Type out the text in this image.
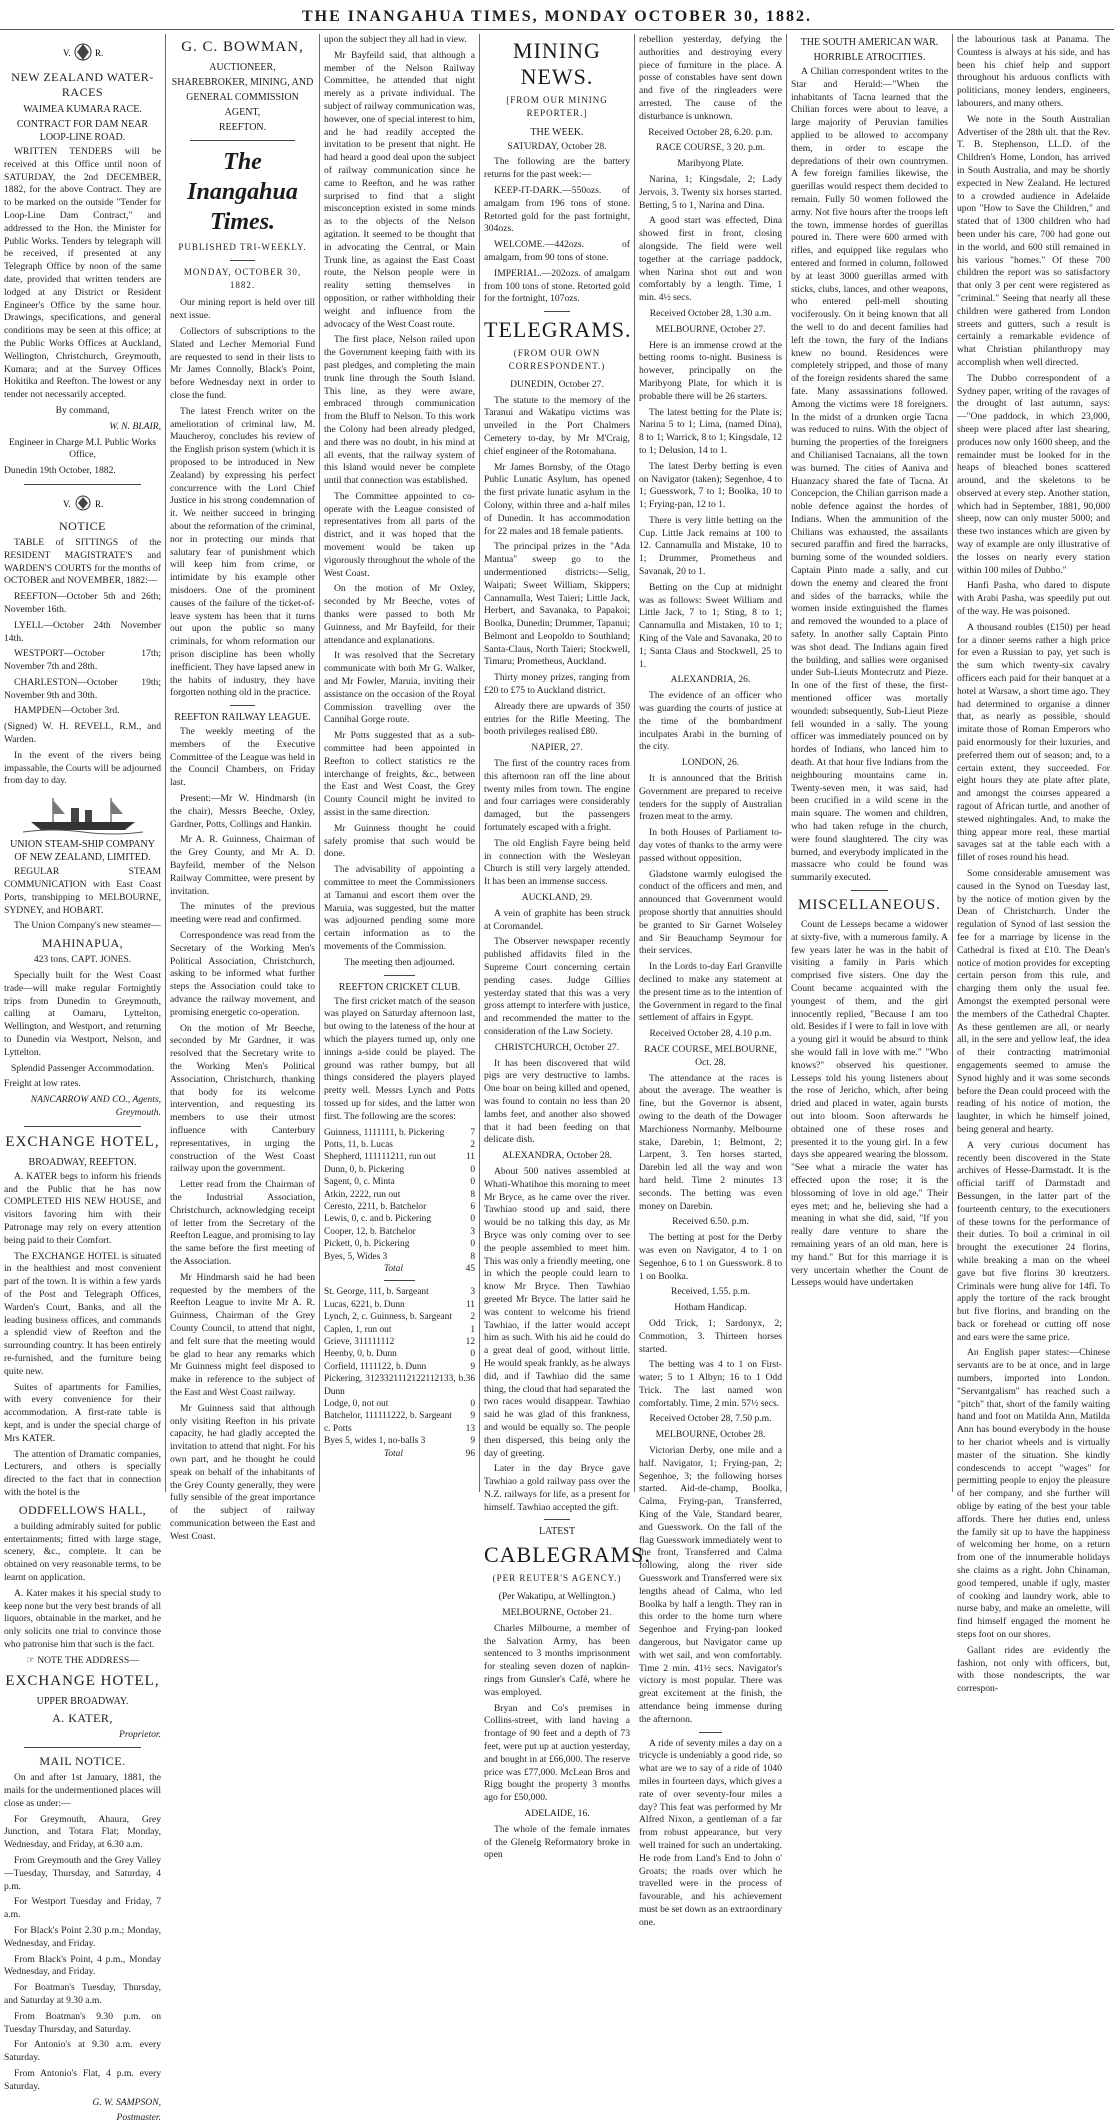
THE INANGAHUA TIMES, MONDAY OCTOBER 30, 1882.
V.	R.
NEW ZEALAND WATER-RACES
WAIMEA KUMARA RACE.
CONTRACT FOR DAM NEAR LOOP-LINE ROAD.

WRITTEN TENDERS will be received at this Office until noon of SATURDAY, the 2nd DECEMBER, 1882, for the above Contract. They are to be marked on the outside "Tender for Loop-Line Dam Contract," and addressed to the Hon. the Minister for Public Works. Tenders by telegraph will be received, if presented at any Telegraph Office by noon of the same date, provided that written tenders are lodged at any District or Resident Engineer's Office by the same hour. Drawings, specifications, and general conditions may be seen at this office; at the Public Works Offices at Auckland, Wellington, Christchurch, Greymouth, Kumara; and at the Survey Offices Hokitika and Reefton. The lowest or any tender not necessarily accepted.

By command,

W. N. BLAIR,

Engineer in Charge M.I. Public Works Office,

Dunedin 19th October, 1882.

V.	R.
NOTICE

TABLE of SITTINGS of the RESIDENT MAGISTRATE'S and WARDEN'S COURTS for the months of OCTOBER and NOVEMBER, 1882:—

REEFTON—October 5th and 26th; November 16th.

LYELL—October 24th November 14th.

WESTPORT—October 17th; November 7th and 28th.

CHARLESTON—October 19th; November 9th and 30th.

HAMPDEN—October 3rd.

(Signed) W. H. REVELL, R.M., and Warden.

In the event of the rivers being impassable, the Courts will be adjourned from day to day.

UNION STEAM-SHIP COMPANY OF NEW ZEALAND, LIMITED.

REGULAR STEAM COMMUNICATION with East Coast Ports, transhipping to MELBOURNE, SYDNEY, and HOBART.

The Union Company's new steamer—

MAHINAPUA,

423 tons. CAPT. JONES.

Specially built for the West Coast trade—will make regular Fortnightly trips from Dunedin to Greymouth, calling at Oamaru, Lyttelton, Wellington, and Westport, and returning to Dunedin via Westport, Nelson, and Lyttelton.

Splendid Passenger Accommodation.

Freight at low rates.

NANCARROW AND CO., Agents, Greymouth.

EXCHANGE HOTEL,
BROADWAY, REEFTON.

A. KATER begs to inform his friends and the Public that he has now COMPLETED HIS NEW HOUSE, and visitors favoring him with their Patronage may rely on every attention being paid to their Comfort.

The EXCHANGE HOTEL is situated in the healthiest and most convenient part of the town. It is within a few yards of the Post and Telegraph Offices, Warden's Court, Banks, and all the leading business offices, and commands a splendid view of Reefton and the surrounding country. It has been entirely re-furnished, and the furniture being quite new.

Suites of apartments for Families, with every convenience for their accommodation. A first-rate table is kept, and is under the special charge of Mrs KATER.

The attention of Dramatic companies, Lecturers, and others is specially directed to the fact that in connection with the hotel is the

ODDFELLOWS HALL,

a building admirably suited for public entertainments; fitted with large stage, scenery, &c., complete. It can be obtained on very reasonable terms, to be learnt on application.

A. Kater makes it his special study to keep none but the very best brands of all liquors, obtainable in the market, and he only solicits one trial to convince those who patronise him that such is the fact.

☞ NOTE THE ADDRESS—

EXCHANGE HOTEL,
UPPER BROADWAY.
A. KATER,

Proprietor.

MAIL NOTICE.

On and after 1st January, 1881, the mails for the undermentioned places will close as under:—

For Greymouth, Ahaura, Grey Junction, and Totara Flat; Monday, Wednesday, and Friday, at 6.30 a.m.

From Greymouth and the Grey Valley—Tuesday, Thursday, and Saturday, 4 p.m.

For Westport Tuesday and Friday, 7 a.m.

For Black's Point 2.30 p.m.; Monday, Wednesday, and Friday.

From Black's Point, 4 p.m., Monday Wednesday, and Friday.

For Boatman's Tuesday, Thursday, and Saturday at 9.30 a.m.

From Boatman's 9.30 p.m. on Tuesday Thursday, and Saturday.

For Antonio's at 9.30 a.m. every Saturday.

From Antonio's Flat, 4 p.m. every Saturday.

G. W. SAMPSON,

Postmaster.

G. C. BOWMAN,
AUCTIONEER,
SHAREBROKER, MINING, AND
GENERAL COMMISSION
AGENT,
REEFTON.
The Inangahua Times.
PUBLISHED TRI-WEEKLY.
MONDAY, OCTOBER 30, 1882.

Our mining report is held over till next issue.

Collectors of subscriptions to the Slated and Lecher Memorial Fund are requested to send in their lists to Mr James Connolly, Black's Point, before Wednesday next in order to close the fund.

The latest French writer on the amelioration of criminal law, M. Maucheroy, concludes his review of the English prison system (which it is proposed to be introduced in New Zealand) by expressing his perfect concurrence with the Lord Chief Justice in his strong condemnation of it. We neither succeed in bringing about the reformation of the criminal, nor in protecting our minds that salutary fear of punishment which will keep him from crime, or intimidate by his example other misdoers. One of the prominent causes of the failure of the ticket-of-leave system has been that it turns out upon the public so many criminals, for whom reformation our prison discipline has been wholly inefficient. They have lapsed anew in the habits of industry, they have forgotten nothing old in the practice.

REEFTON RAILWAY LEAGUE.

The weekly meeting of the members of the Executive Committee of the League was held in the Council Chambers, on Friday last.

Present:—Mr W. Hindmarsh (in the chair), Messrs Beeche, Oxley, Gardner, Potts, Collings and Hankin.

Mr A. R. Guinness, Chairman of the Grey County, and Mr A. D. Bayfeild, member of the Nelson Railway Committee, were present by invitation.

The minutes of the previous meeting were read and confirmed.

Correspondence was read from the Secretary of the Working Men's Political Association, Christchurch, asking to be informed what further steps the Association could take to advance the railway movement, and promising energetic co-operation.

On the motion of Mr Beeche, seconded by Mr Gardner, it was resolved that the Secretary write to the Working Men's Political Association, Christchurch, thanking that body for its welcome intervention, and requesting its members to use their utmost influence with Canterbury representatives, in urging the construction of the West Coast railway upon the government.

Letter read from the Chairman of the Industrial Association, Christchurch, acknowledging receipt of letter from the Secretary of the Reefton League, and promising to lay the same before the first meeting of the Association.

Mr Hindmarsh said he had been requested by the members of the Reefton League to invite Mr A. R. Guinness, Chairman of the Grey County Council, to attend that night, and felt sure that the meeting would be glad to hear any remarks which Mr Guinness might feel disposed to make in reference to the subject of the East and West Coast railway.

Mr Guinness said that although only visiting Reefton in his private capacity, he had gladly accepted the invitation to attend that night. For his own part, and he thought he could speak on behalf of the inhabitants of the Grey County generally, they were fully sensible of the great importance of the subject of railway communication between the East and West Coast.

upon the subject they all had in view.

Mr Bayfeild said, that although a member of the Nelson Railway Committee, he attended that night merely as a private individual. The subject of railway communication was, however, one of special interest to him, and he had readily accepted the invitation to be present that night. He had heard a good deal upon the subject of railway communication since he came to Reefton, and he was rather surprised to find that a slight misconception existed in some minds as to the objects of the Nelson agitation. It seemed to be thought that in advocating the Central, or Main Trunk line, as against the East Coast route, the Nelson people were in reality setting themselves in opposition, or rather withholding their weight and influence from the advocacy of the West Coast route.

The first place, Nelson railed upon the Government keeping faith with its past pledges, and completing the main trunk line through the South Island. This line, as they were aware, embraced through communication from the Bluff to Nelson. To this work the Colony had been already pledged, and there was no doubt, in his mind at all events, that the railway system of this Island would never be complete until that connection was established.

The Committee appointed to co-operate with the League consisted of representatives from all parts of the district, and it was hoped that the movement would be taken up vigorously throughout the whole of the West Coast.

On the motion of Mr Oxley, seconded by Mr Beeche, votes of thanks were passed to both Mr Guinness, and Mr Bayfeild, for their attendance and explanations.

It was resolved that the Secretary communicate with both Mr G. Walker, and Mr Fowler, Maruia, inviting their assistance on the occasion of the Royal Commission travelling over the Cannibal Gorge route.

Mr Potts suggested that as a sub-committee had been appointed in Reefton to collect statistics re the interchange of freights, &c., between the East and West Coast, the Grey County Council might be invited to assist in the same direction.

Mr Guinness thought he could safely promise that such would be done.

The advisability of appointing a committee to meet the Commissioners at Tamanui and escort them over the Maruia, was suggested, but the matter was adjourned pending some more certain information as to the movements of the Commission.

The meeting then adjourned.

REEFTON CRICKET CLUB.

The first cricket match of the season was played on Saturday afternoon last, but owing to the lateness of the hour at which the players turned up, only one innings a-side could be played. The ground was rather bumpy, but all things considered the players played pretty well. Messrs Lynch and Potts tossed up for sides, and the latter won first. The following are the scores:

Guinness, 1111111, b. Pickering	7
Potts, 11, b. Lucas	2
Shepherd, 111111211, run out	11
Dunn, 0, b. Pickering	0
Sagent, 0, c. Minta	0
Atkin, 2222, run out	8
Ceresto, 2211, b. Batchelor	6
Lewis, 0, c. and b. Pickering	0
Cooper, 12, b. Batchelor	3
Pickett, 0, b. Pickering	0
Byes, 5, Wides 3	8
Total	45
St. George, 111, b. Sargeant	3
Lucas, 6221, b. Dunn	11
Lynch, 2, c. Guinness, b. Sargeant 2
Caplen, 1, run out	1
Grieve, 311111112	12
Heenby, 0, b. Dunn	0
Corfield, 1111122, b. Dunn	9
Pickering, 3123321112122112133, b. Dunn
36
Lodge, 0, not out	0
Batchelor, 111111222, b. Sargeant 9
c. Potts	13
Byes 5, wides 1, no-balls 3	9
Total	96
MINING NEWS.
[FROM OUR MINING REPORTER.]
THE WEEK.

SATURDAY, October 28.

The following are the battery returns for the past week:—

KEEP-IT-DARK.—550ozs. of amalgam from 196 tons of stone. Retorted gold for the past fortnight, 304ozs.

WELCOME.—442ozs. of amalgam, from 90 tons of stone.

IMPERIAL.—202ozs. of amalgam from 100 tons of stone. Retorted gold for the fortnight, 107ozs.

TELEGRAMS.
(FROM OUR OWN CORRESPONDENT.)

DUNEDIN, October 27.

The statute to the memory of the Taranui and Wakatipu victims was unveiled in the Port Chalmers Cemetery to-day, by Mr M'Craig, chief engineer of the Rotomahana.

Mr James Bornsby, of the Otago Public Lunatic Asylum, has opened the first private lunatic asylum in the Colony, within three and a-half miles of Dunedin. It has accommodation for 22 males and 18 female patients.

The principal prizes in the "Ada Mantua" sweep go to the undermentioned districts:—Selig, Waipati; Sweet William, Skippers; Cannamulla, West Taieri; Little Jack, Herbert, and Savanaka, to Papakoi; Boolka, Dunedin; Drummer, Tapanui; Belmont and Leopoldo to Southland; Santa-Claus, North Taieri; Stockwell, Timaru; Prometheus, Auckland.

Thirty money prizes, ranging from £20 to £75 to Auckland district.

Already there are upwards of 350 entries for the Rifle Meeting. The booth privileges realised £80.

NAPIER, 27.

The first of the country races from this afternoon ran off the line about twenty miles from town. The engine and four carriages were considerably damaged, but the passengers fortunately escaped with a fright.

The old English Fayre being held in connection with the Wesleyan Church is still very largely attended. It has been an immense success.

AUCKLAND, 29.

A vein of graphite has been struck at Coromandel.

The Observer newspaper recently published affidavits filed in the Supreme Court concerning certain pending cases. Judge Gillies yesterday stated that this was a very gross attempt to interfere with justice, and recommended the matter to the consideration of the Law Society.

CHRISTCHURCH, October 27.

It has been discovered that wild pigs are very destructive to lambs. One boar on being killed and opened, was found to contain no less than 20 lambs feet, and another also showed that it had been feeding on that delicate dish.

ALEXANDRA, October 28.

About 500 natives assembled at Whati-Whatihoe this morning to meet Mr Bryce, as he came over the river. Tawhiao stood up and said, there would be no talking this day, as Mr Bryce was only coming over to see the people assembled to meet him. This was only a friendly meeting, one in which the people could learn to know Mr Bryce. Then Tawhiao greeted Mr Bryce. The latter said he was content to welcome his friend Tawhiao, if the latter would accept him as such. With his aid he could do a great deal of good, without little. He would speak frankly, as he always did, and if Tawhiao did the same thing, the cloud that had separated the two races would disappear. Tawhiao said he was glad of this frankness, and would be equally so. The people then dispersed, this being only the day of greeting.

Later in the day Bryce gave Tawhiao a gold railway pass over the N.Z. railways for life, as a present for himself. Tawhiao accepted the gift.

LATEST
CABLEGRAMS.
(PER REUTER'S AGENCY.)

(Per Wakatipu, at Wellington.)

MELBOURNE, October 21.

Charles Milbourne, a member of the Salvation Army, has been sentenced to 3 months imprisonment for stealing seven dozen of napkin-rings from Gunsler's Café, where he was employed.

Bryan and Co's premises in Collins-street, with land having a frontage of 90 feet and a depth of 73 feet, were put up at auction yesterday, and bought in at £66,000. The reserve price was £77,000. McLean Bros and Rigg bought the property 3 months ago for £50,000.

ADELAIDE, 16.

The whole of the female inmates of the Glenelg Reformatory broke in open

rebellion yesterday, defying the authorities and destroying every piece of furniture in the place. A posse of constables have sent down and five of the ringleaders were arrested. The cause of the disturbance is unknown.

Received October 28, 6.20. p.m.

RACE COURSE, 3 20. p.m.

Maribyong Plate.

Narina, 1; Kingsdale, 2; Lady Jervois, 3. Twenty six horses started. Betting, 5 to 1, Narina and Dina.

A good start was effected, Dina showed first in front, closing alongside. The field were well together at the carriage paddock, when Narina shot out and won comfortably by a length. Time, 1 min. 4½ secs.

Received October 28, 1.30 a.m.

MELBOURNE, October 27.

Here is an immense crowd at the betting rooms to-night. Business is however, principally on the Maribyong Plate, for which it is probable there will be 26 starters.

The latest betting for the Plate is; Narina 5 to 1; Lima, (named Dina), 8 to 1; Warrick, 8 to 1; Kingsdale, 12 to 1; Delusion, 14 to 1.

The latest Derby betting is even on Navigator (taken); Segenhoe, 4 to 1; Guesswork, 7 to 1; Boolka, 10 to 1; Frying-pan, 12 to 1.

There is very little betting on the Cup. Little Jack remains at 100 to 12. Cannamulla and Mistake, 10 to 1; Drummer, Prometheus and Savanak, 20 to 1.

Betting on the Cup at midnight was as follows: Sweet William and Little Jack, 7 to 1; Sting, 8 to 1; Cannamulla and Mistaken, 10 to 1; King of the Vale and Savanaka, 20 to 1; Santa Claus and Stockwell, 25 to 1.

ALEXANDRIA, 26.

The evidence of an officer who was guarding the courts of justice at the time of the bombardment inculpates Arabi in the burning of the city.

LONDON, 26.

It is announced that the British Government are prepared to receive tenders for the supply of Australian frozen meat to the army.

In both Houses of Parliament to-day votes of thanks to the army were passed without opposition.

Gladstone warmly eulogised the conduct of the officers and men, and announced that Government would propose shortly that annuities should be granted to Sir Garnet Wolseley and Sir Beauchamp Seymour for their services.

In the Lords to-day Earl Granville declined to make any statement at the present time as to the intention of the Government in regard to the final settlement of affairs in Egypt.

Received October 28, 4.10 p.m.

RACE COURSE, MELBOURNE, Oct. 28.

The attendance at the races is about the average. The weather is fine, but the Governor is absent, owing to the death of the Dowager Marchioness Normanby. Melbourne stake, Darebin, 1; Belmont, 2; Larpent, 3. Ten horses started, Darebin led all the way and won hard held. Time 2 minutes 13 seconds. The betting was even money on Darebin.

Received 6.50. p.m.

The betting at post for the Derby was even on Navigator, 4 to 1 on Segenhoe, 6 to 1 on Guesswork. 8 to 1 on Boolka.

Received, 1.55. p.m.

Hotham Handicap.

Odd Trick, 1; Sardonyx, 2; Commotion, 3. Thirteen horses started.

The betting was 4 to 1 on First-water; 5 to 1 Albyn; 16 to 1 Odd Trick. The last named won comfortably. Time, 2 min. 57½ secs.

Received October 28, 7.50 p.m.

MELBOURNE, October 28.

Victorian Derby, one mile and a half. Navigator, 1; Frying-pan, 2; Segenhoe, 3; the following horses started. Aid-de-champ, Boolka, Calma, Frying-pan, Transferred, King of the Vale, Standard bearer, and Guesswork. On the fall of the flag Guesswork immediately went to the front, Transferred and Calma following, along the river side Guesswork and Transferred were six lengths ahead of Calma, who led Boolka by half a length. They ran in this order to the home turn where Segenhoe and Frying-pan looked dangerous, but Navigator came up with wet sail, and won comfortably. Time 2 min. 41½ secs. Navigator's victory is most popular. There was great excitement at the finish, the attendance being immense during the afternoon.

A ride of seventy miles a day on a tricycle is undeniably a good ride, so what are we to say of a ride of 1040 miles in fourteen days, which gives a rate of over seventy-four miles a day? This feat was performed by Mr Alfred Nixon, a gentleman of a far from robust appearance, but very well trained for such an undertaking. He rode from Land's End to John o' Groats; the roads over which he travelled were in the process of favourable, and his achievement must be set down as an extraordinary one.

THE SOUTH AMERICAN WAR.
HORRIBLE ATROCITIES.

A Chilian correspondent writes to the Star and Herald:—"When the inhabitants of Tacna learned that the Chilian forces were about to leave, a large majority of Peruvian families applied to be allowed to accompany them, in order to escape the depredations of their own countrymen. A few foreign families likewise, the guerillas would respect them decided to remain. Fully 50 women followed the army. Not five hours after the troops left the town, immense hordes of guerillas poured in. There were 600 armed with rifles, and equipped like regulars who entered and formed in column, followed by at least 3000 guerillas armed with sticks, clubs, lances, and other weapons, who entered pell-mell shouting vociferously. On it being known that all the well to do and decent families had left the town, the fury of the Indians knew no bound. Residences were completely stripped, and those of many of the foreign residents shared the same fate. Many assassinations followed. Among the victims were 18 foreigners. In the midst of a drunken orgie Tacna was reduced to ruins. With the object of burning the properties of the foreigners and Chilianised Tacnaians, all the town was burned. The cities of Aaniva and Huanzacy shared the fate of Tacna. At Concepcion, the Chilian garrison made a noble defence against the hordes of Indians. When the ammunition of the Chilians was exhausted, the assailants secured paraffin and fired the barracks, burning some of the wounded soldiers. Captain Pinto made a sally, and cut down the enemy and cleared the front and sides of the barracks, while the women inside extinguished the flames and removed the wounded to a place of safety. In another sally Captain Pinto was shot dead. The Indians again fired the building, and sallies were organised under Sub-Lieuts Montecrutz and Pieze. In one of the first of these, the first-mentioned officer was mortally wounded: subsequently, Sub-Lieut Pieze fell wounded in a sally. The young officer was immediately pounced on by hordes of Indians, who lanced him to death. At that hour five Indians from the neighbouring mountains came in. Twenty-seven men, it was said, had been crucified in a wild scene in the main square. The women and children, who had taken refuge in the church, were found slaughtered. The city was burned, and everybody implicated in the massacre who could be found was summarily executed.

MISCELLANEOUS.

Count de Lesseps became a widower at sixty-five, with a numerous family. A few years later he was in the habit of visiting a family in Paris which comprised five sisters. One day the Count became acquainted with the youngest of them, and the girl innocently replied, "Because I am too old. Besides if I were to fall in love with a young girl it would be absurd to think she would fall in love with me." "Who knows?" observed his questioner. Lesseps told his young listeners about the rose of Jericho, which, after being dried and placed in water, again bursts out into bloom. Soon afterwards he obtained one of these roses and presented it to the young girl. In a few days she appeared wearing the blossom. "See what a miracle the water has effected upon the rose; it is the blossoming of love in old age." Their eyes met; and he, believing she had a meaning in what she did, said, "If you really dare venture to share the remaining years of an old man, here is my hand." But for this marriage it is very uncertain whether the Count de Lesseps would have undertaken

the labourious task at Panama. The Countess is always at his side, and has been his chief help and support throughout his arduous conflicts with politicians, money lenders, engineers, labourers, and many others.

We note in the South Australian Advertiser of the 28th ult. that the Rev. T. B. Stephenson, LL.D. of the Children's Home, London, has arrived in South Australia, and may be shortly expected in New Zealand. He lectured to a crowded audience in Adelaide upon "How to Save the Children," and stated that of 1300 children who had been under his care, 700 had gone out in the world, and 600 still remained in his various "homes." Of these 700 children the report was so satisfactory that only 3 per cent were registered as "criminal." Seeing that nearly all these children were gathered from London streets and gutters, such a result is certainly a remarkable evidence of what Christian philanthropy may accomplish when well directed.

The Dubbo correspondent of a Sydney paper, writing of the ravages of the drought of last autumn, says:—"One paddock, in which 23,000, sheep were placed after last shearing, produces now only 1600 sheep, and the remainder must be looked for in the heaps of bleached bones scattered around, and the skeletons to be observed at every step. Another station, which had in September, 1881, 90,000 sheep, now can only muster 5000; and these two instances which are given by way of example are only illustrative of the losses on nearly every station within 100 miles of Dubbo."

Hanfi Pasha, who dared to dispute with Arabi Pasha, was speedily put out of the way. He was poisoned.

A thousand roubles (£150) per head for a dinner seems rather a high price for even a Russian to pay, yet such is the sum which twenty-six cavalry officers each paid for their banquet at a hotel at Warsaw, a short time ago. They had determined to organise a dinner that, as nearly as possible, should imitate those of Roman Emperors who paid enormously for their luxuries, and preferred them out of season; and, to a certain extent, they succeeded. For eight hours they ate plate after plate, and amongst the courses appeared a ragout of African turtle, and another of stewed nightingales. And, to make the thing appear more real, these martial savages sat at the table each with a fillet of roses round his head.

Some considerable amusement was caused in the Synod on Tuesday last, by the notice of motion given by the Dean of Christchurch. Under the regulation of Synod of last session the fee for a marriage by license in the Cathedral is fixed at £10. The Dean's notice of motion provides for excepting certain person from this rule, and charging them only the usual fee. Amongst the exempted personal were the members of the Cathedral Chapter. As these gentlemen are all, or nearly all, in the sere and yellow leaf, the idea of their contracting matrimonial engagements seemed to amuse the Synod highly and it was some seconds before the Dean could proceed with the reading of his notice of motion, the laughter, in which he himself joined, being general and hearty.

A very curious document has recently been discovered in the State archives of Hesse-Darmstadt. It is the official tariff of Darmstadt and Bessungen, in the latter part of the fourteenth century, to the executioners of these towns for the performance of their duties. To boil a criminal in oil brought the executioner 24 florins, while breaking a man on the wheel gave but five florins 30 kreutzers. Criminals were hung alive for 14fl. To apply the torture of the rack brought but five florins, and branding on the back or forehead or cutting off nose and ears were the same price.

An English paper states:—Chinese servants are to be at once, and in large numbers, imported into London. "Servantgalism" has reached such a "pitch" that, short of the family waiting hand and foot on Matilda Ann, Matilda Ann has bound everybody in the house to her chariot wheels and is virtually master of the situation. She kindly condescends to accept "wages" for permitting people to enjoy the pleasure of her company, and she further will oblige by eating of the best your table affords. There her duties end, unless the family sit up to have the happiness of welcoming her home, on a return from one of the innumerable holidays she claims as a right. John Chinaman, good tempered, unable if ugly, master of cooking and laundry work, able to nurse baby, and make an omelette, will find himself engaged the moment he steps foot on our shores.

Gallant rides are evidently the fashion, not only with officers, but, with those nondescripts, the war correspon-
